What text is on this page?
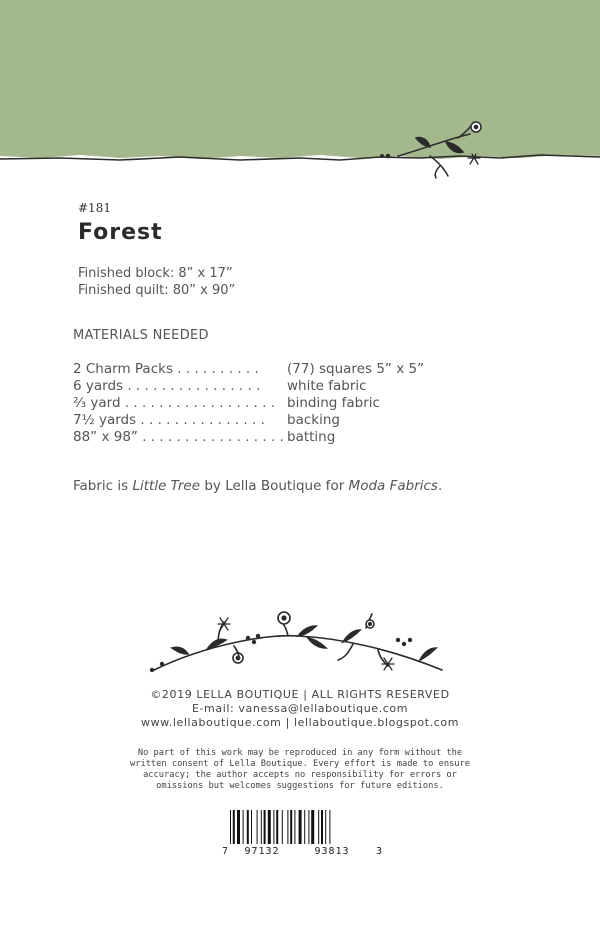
#181
Forest
Finished block: 8” x 17”
Finished quilt: 80” x 90”
MATERIALS NEEDED
2 Charm Packs . . . . . . . . . . (77) squares 5” x 5”
6 yards . . . . . . . . . . . . . . . . white fabric
⅔ yard . . . . . . . . . . . . . . . . . . binding fabric
7½ yards . . . . . . . . . . . . . . . backing
88” x 98” . . . . . . . . . . . . . . . . . batting
Fabric is Little Tree by Lella Boutique for Moda Fabrics.
©2019 LELLA BOUTIQUE | ALL RIGHTS RESERVED
E-mail: vanessa@lellaboutique.com
www.lellaboutique.com | lellaboutique.blogspot.com
No part of this work may be reproduced in any form without the
written consent of Lella Boutique. Every effort is made to ensure
accuracy; the author accepts no responsibility for errors or
omissions but welcomes suggestions for future editions.
7 97132	93813	3
